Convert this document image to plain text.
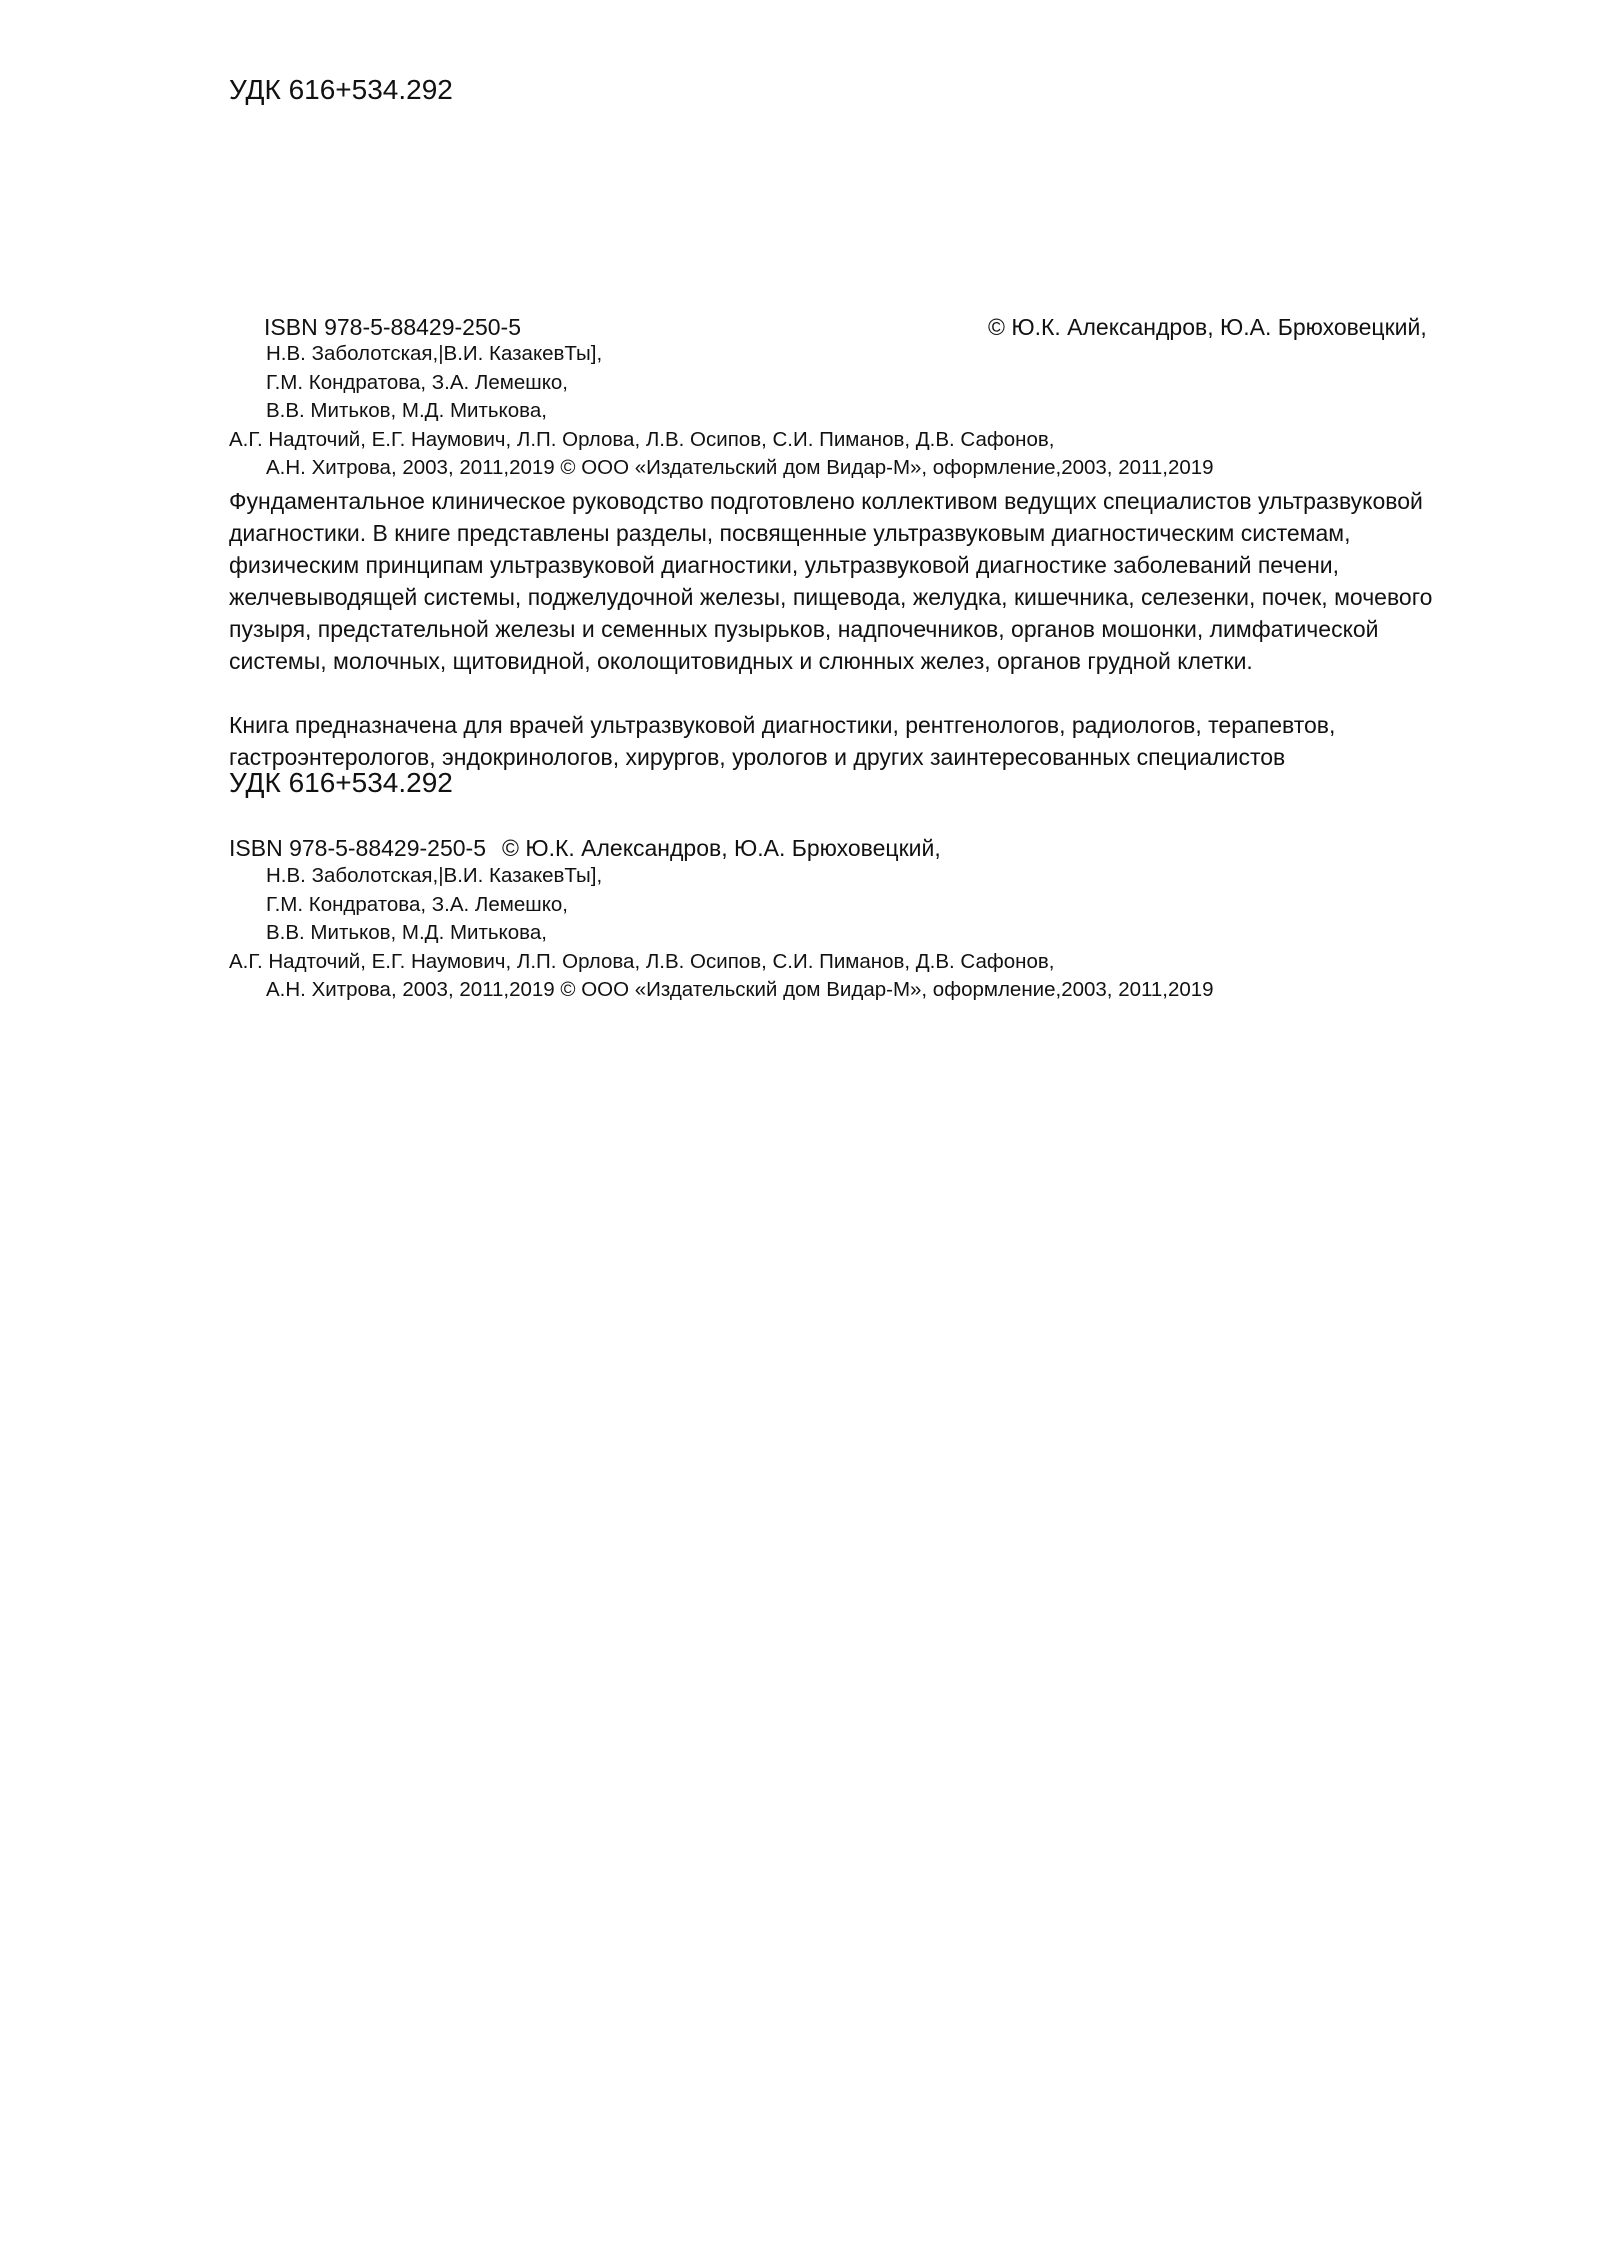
УДК 616+534.292
ISBN 978-5-88429-250-5	© Ю.К. Александров, Ю.А. Брюховецкий,
Н.В. Заболотская,|В.И. КазакевТы],
Г.М. Кондратова, З.А. Лемешко,
В.В. Митьков, М.Д. Митькова,
А.Г. Надточий, Е.Г. Наумович, Л.П. Орлова, Л.В. Осипов, С.И. Пиманов, Д.В. Сафонов,
А.Н. Хитрова, 2003, 2011,2019 © ООО «Издательский дом Видар-М», оформление,2003, 2011,2019
Фундаментальное клиническое руководство подготовлено коллективом ведущих специалистов ультразвуковой
диагностики. В книге представлены разделы, посвященные ультразвуковым диагностическим системам,
физическим принципам ультразвуковой диагностики, ультразвуковой диагностике заболеваний печени,
желчевыводящей системы, поджелудочной железы, пищевода, желудка, кишечника, селезенки, почек, мочевого
пузыря, предстательной железы и семенных пузырьков, надпочечников, органов мошонки, лимфатической
системы, молочных, щитовидной, околощитовидных и слюнных желез, органов грудной клетки.
Книга предназначена для врачей ультразвуковой диагностики, рентгенологов, радиологов, терапевтов,
гастроэнтерологов, эндокринологов, хирургов, урологов и других заинтересованных специалистов
УДК 616+534.292
ISBN 978-5-88429-250-5 © Ю.К. Александров, Ю.А. Брюховецкий,
Н.В. Заболотская,|В.И. КазакевТы],
Г.М. Кондратова, З.А. Лемешко,
В.В. Митьков, М.Д. Митькова,
А.Г. Надточий, Е.Г. Наумович, Л.П. Орлова, Л.В. Осипов, С.И. Пиманов, Д.В. Сафонов,
А.Н. Хитрова, 2003, 2011,2019 © ООО «Издательский дом Видар-М», оформление,2003, 2011,2019
